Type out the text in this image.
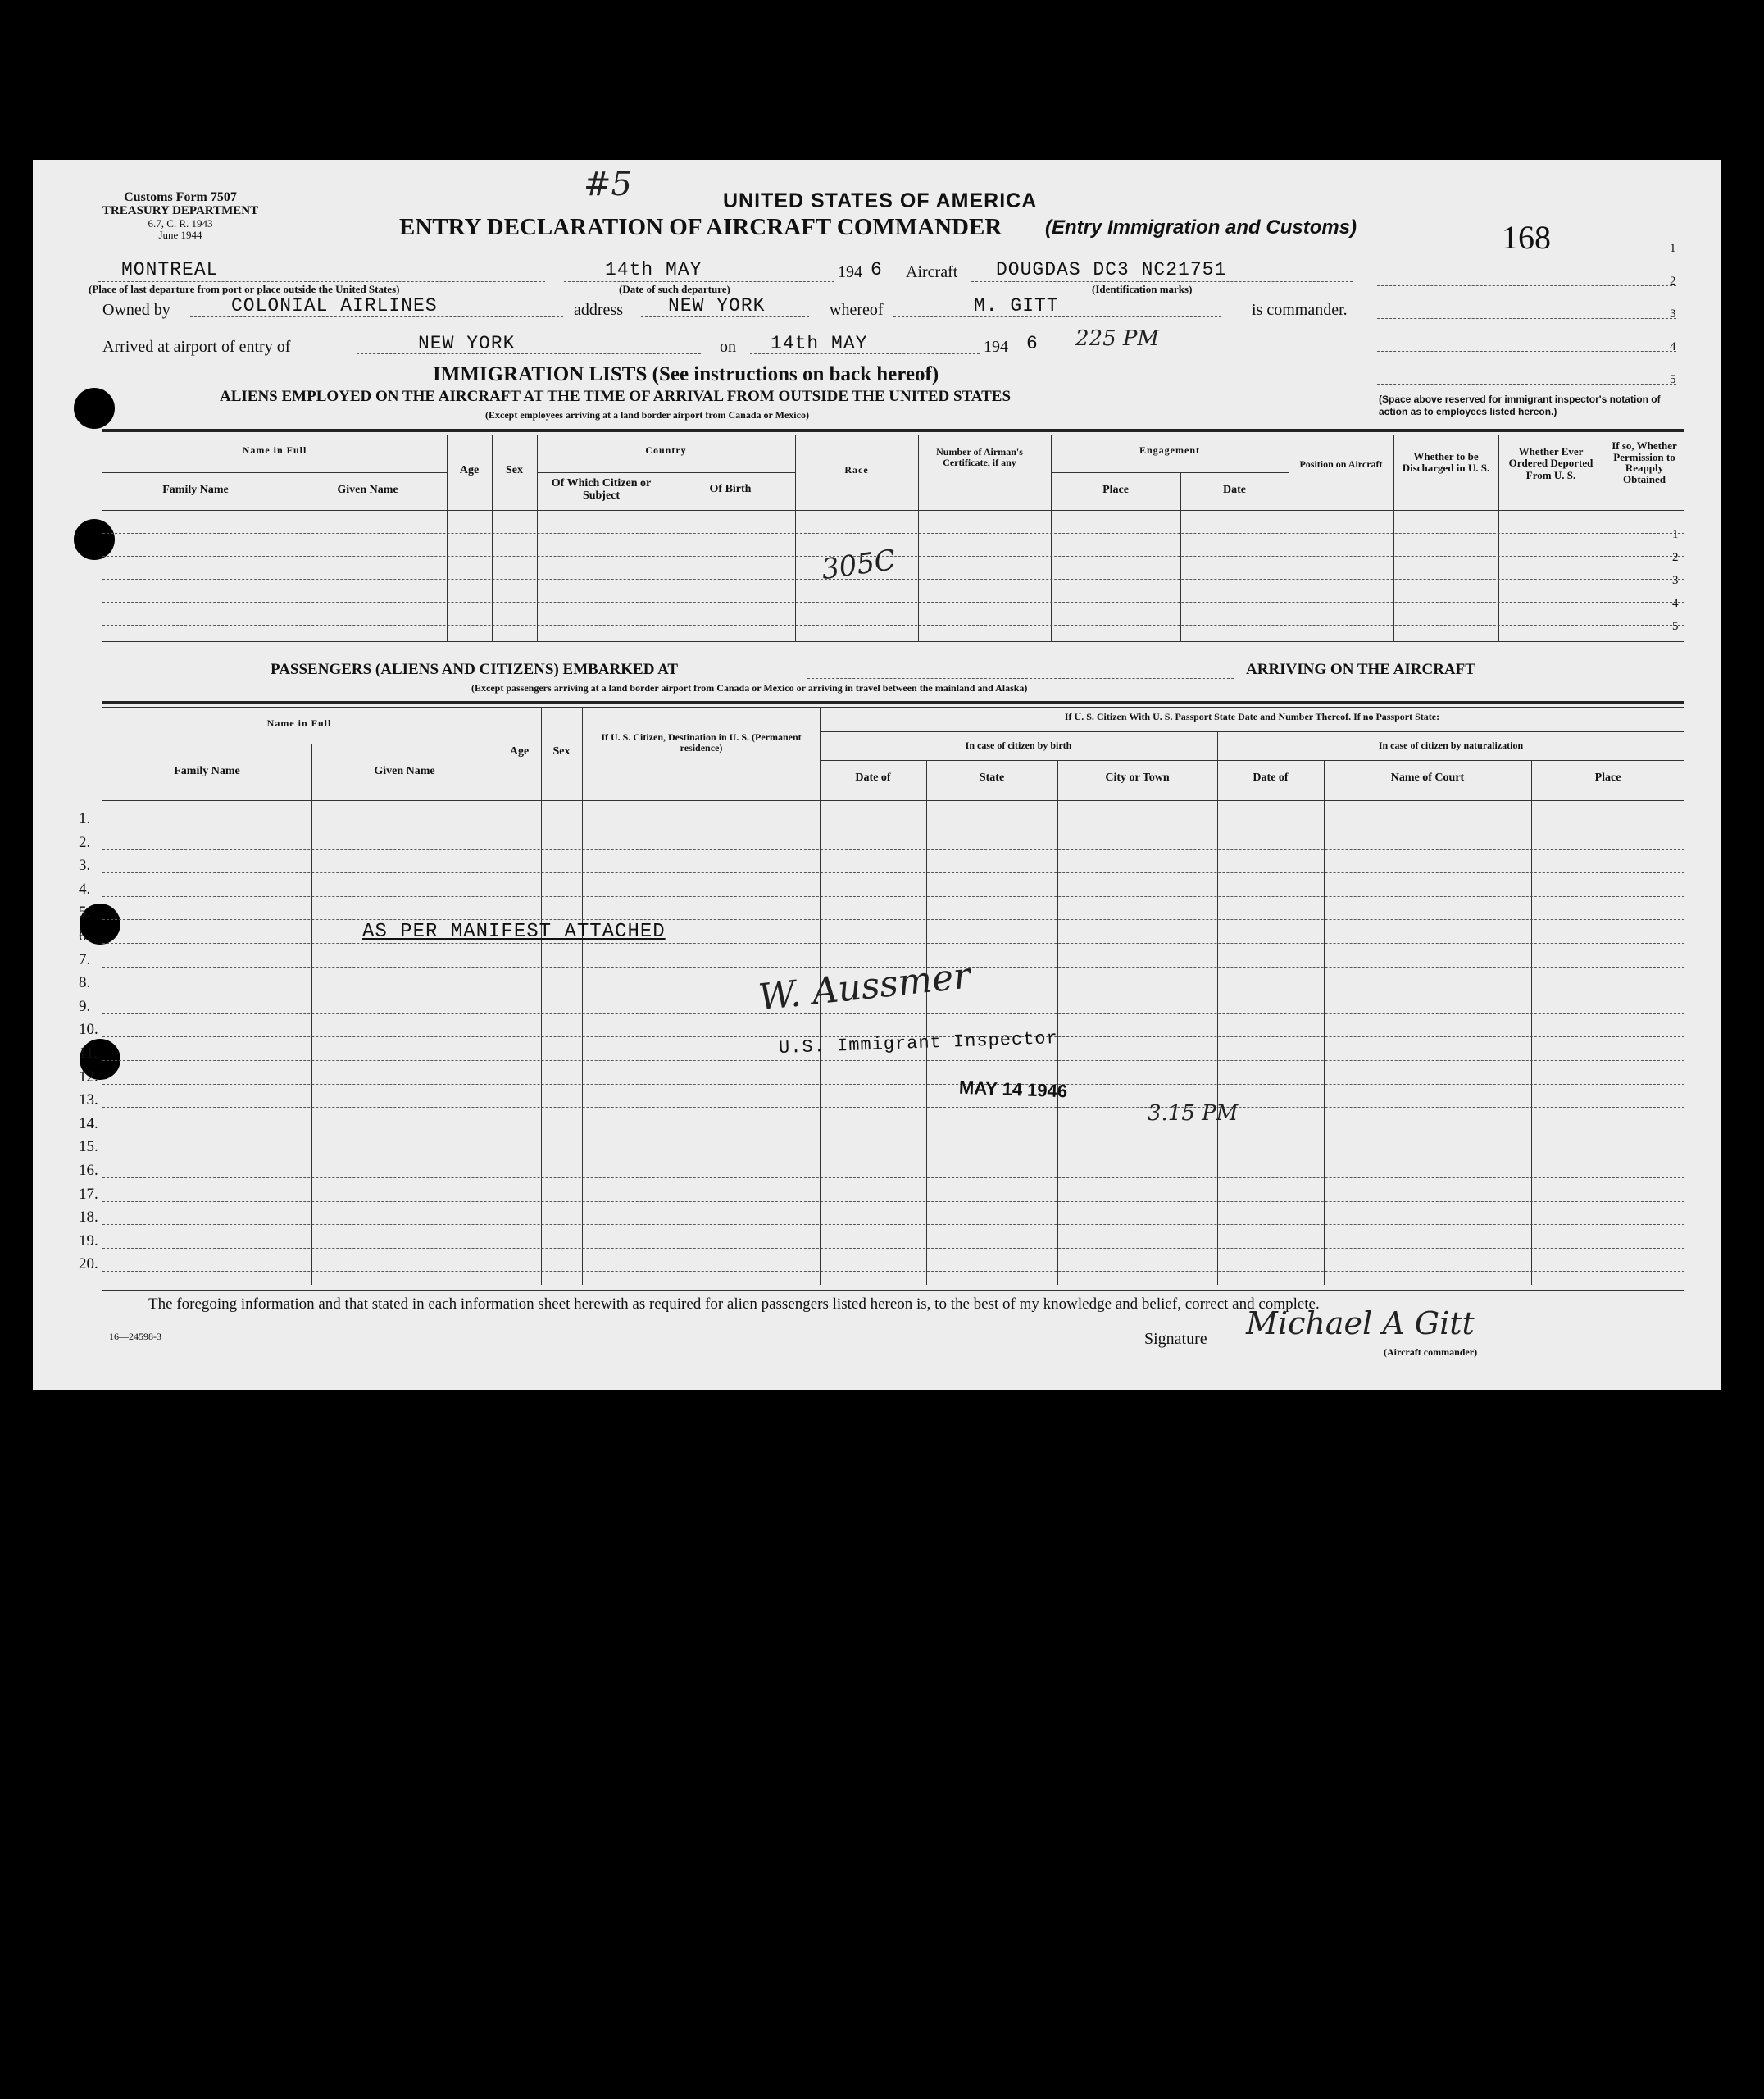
Customs Form 7507
TREASURY DEPARTMENT
6.7, C. R. 1943
June 1944
#5	UNITED STATES OF AMERICA
ENTRY DECLARATION OF AIRCRAFT COMMANDER (Entry Immigration and Customs)	168	1
2
3
4
5
(Space above reserved for immigrant inspector's notation of action as to employees listed hereon.)
MONTREAL
(Place of last departure from port or place outside the United States)
14th MAY
(Date of such departure)
194 6 Aircraft DOUGDAS DC3 NC21751
(Identification marks)
Owned by	COLONIAL AIRLINES	address NEW YORK	whereof	M. GITT	is commander.
Arrived at airport of entry of	NEW YORK	on 14th MAY	194 6 225 PM
IMMIGRATION LISTS (See instructions on back hereof)
ALIENS EMPLOYED ON THE AIRCRAFT AT THE TIME OF ARRIVAL FROM OUTSIDE THE UNITED STATES
(Except employees arriving at a land border airport from Canada or Mexico)
Name in Full
Family Name	Given Name
Age	Sex
Country
Of Which Citizen or Subject
Of Birth
Race
Number of Airman's Certificate, if any
Engagement
Place	Date
Position on Aircraft
Whether to be Discharged in U. S.
Whether Ever Ordered Deported From U. S.
If so, Whether Permission to Reapply Obtained
1
2
3
4
5
305C
PASSENGERS (ALIENS AND CITIZENS) EMBARKED AT	ARRIVING ON THE AIRCRAFT
(Except passengers arriving at a land border airport from Canada or Mexico or arriving in travel between the mainland and Alaska)
Name in Full
Family Name	Given Name
Age	Sex
If U. S. Citizen, Destination in U. S. (Permanent residence)
If U. S. Citizen With U. S. Passport State Date and Number Thereof. If no Passport State:
In case of citizen by birth	In case of citizen by naturalization
Date of	State	City or Town	Date of	Name of Court	Place
1.
2.
3.
4.
5.
6.
7.
8.
9.
10.
11.
12.
13.
14.
15.
16.
17.
18.
19.
20.
AS PER MANIFEST ATTACHED
W. Aussmer
U.S. Immigrant Inspector
MAY 14 1946
3.15 PM
The foregoing information and that stated in each information sheet herewith as required for alien passengers listed hereon is, to the best of my knowledge and belief, correct and complete.
16—24598-3	Signature Michael A Gitt
(Aircraft commander)
